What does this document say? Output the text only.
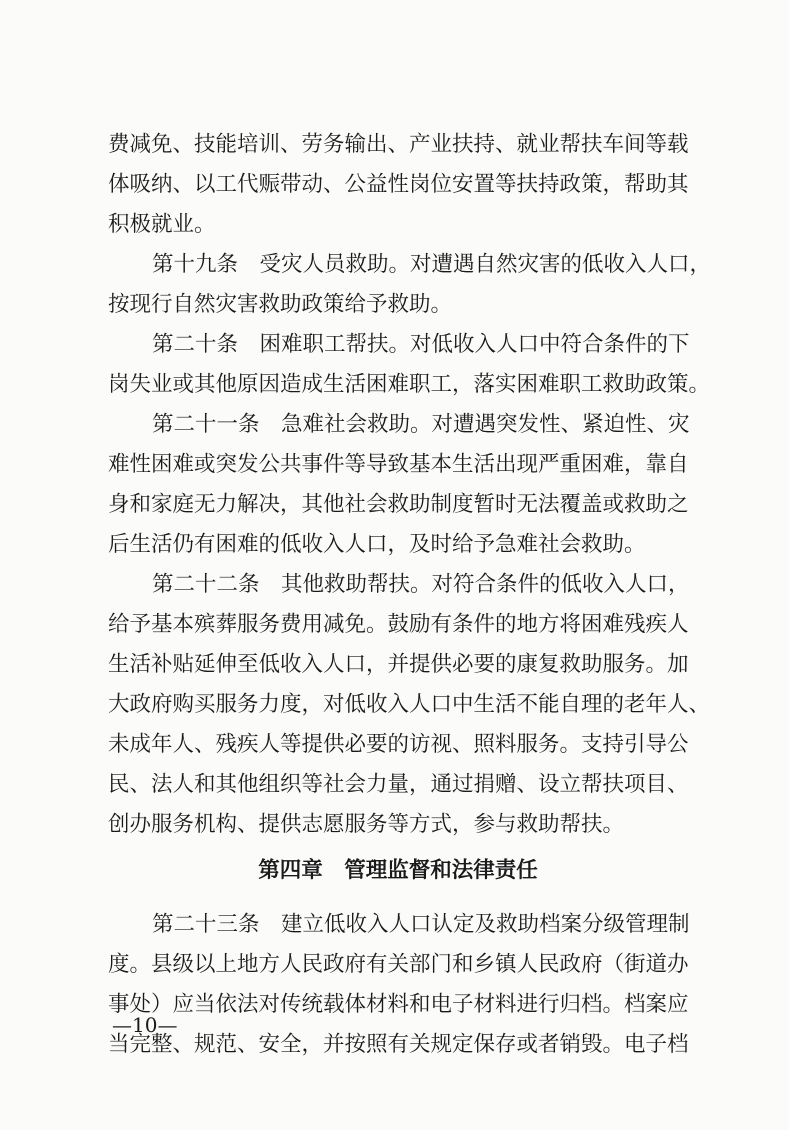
费减免、技能培训、劳务输出、产业扶持、就业帮扶车间等载
体吸纳、以工代赈带动、公益性岗位安置等扶持政策，帮助其
积极就业。
第十九条　受灾人员救助。对遭遇自然灾害的低收入人口，
按现行自然灾害救助政策给予救助。
第二十条　困难职工帮扶。对低收入人口中符合条件的下
岗失业或其他原因造成生活困难职工，落实困难职工救助政策。
第二十一条　急难社会救助。对遭遇突发性、紧迫性、灾
难性困难或突发公共事件等导致基本生活出现严重困难，靠自
身和家庭无力解决，其他社会救助制度暂时无法覆盖或救助之
后生活仍有困难的低收入人口，及时给予急难社会救助。
第二十二条　其他救助帮扶。对符合条件的低收入人口，
给予基本殡葬服务费用减免。鼓励有条件的地方将困难残疾人
生活补贴延伸至低收入人口，并提供必要的康复救助服务。加
大政府购买服务力度，对低收入人口中生活不能自理的老年人、
未成年人、残疾人等提供必要的访视、照料服务。支持引导公
民、法人和其他组织等社会力量，通过捐赠、设立帮扶项目、
创办服务机构、提供志愿服务等方式，参与救助帮扶。
第四章　管理监督和法律责任
第二十三条　建立低收入人口认定及救助档案分级管理制
度。县级以上地方人民政府有关部门和乡镇人民政府（街道办
事处）应当依法对传统载体材料和电子材料进行归档。档案应
当完整、规范、安全，并按照有关规定保存或者销毁。电子档
—10—
